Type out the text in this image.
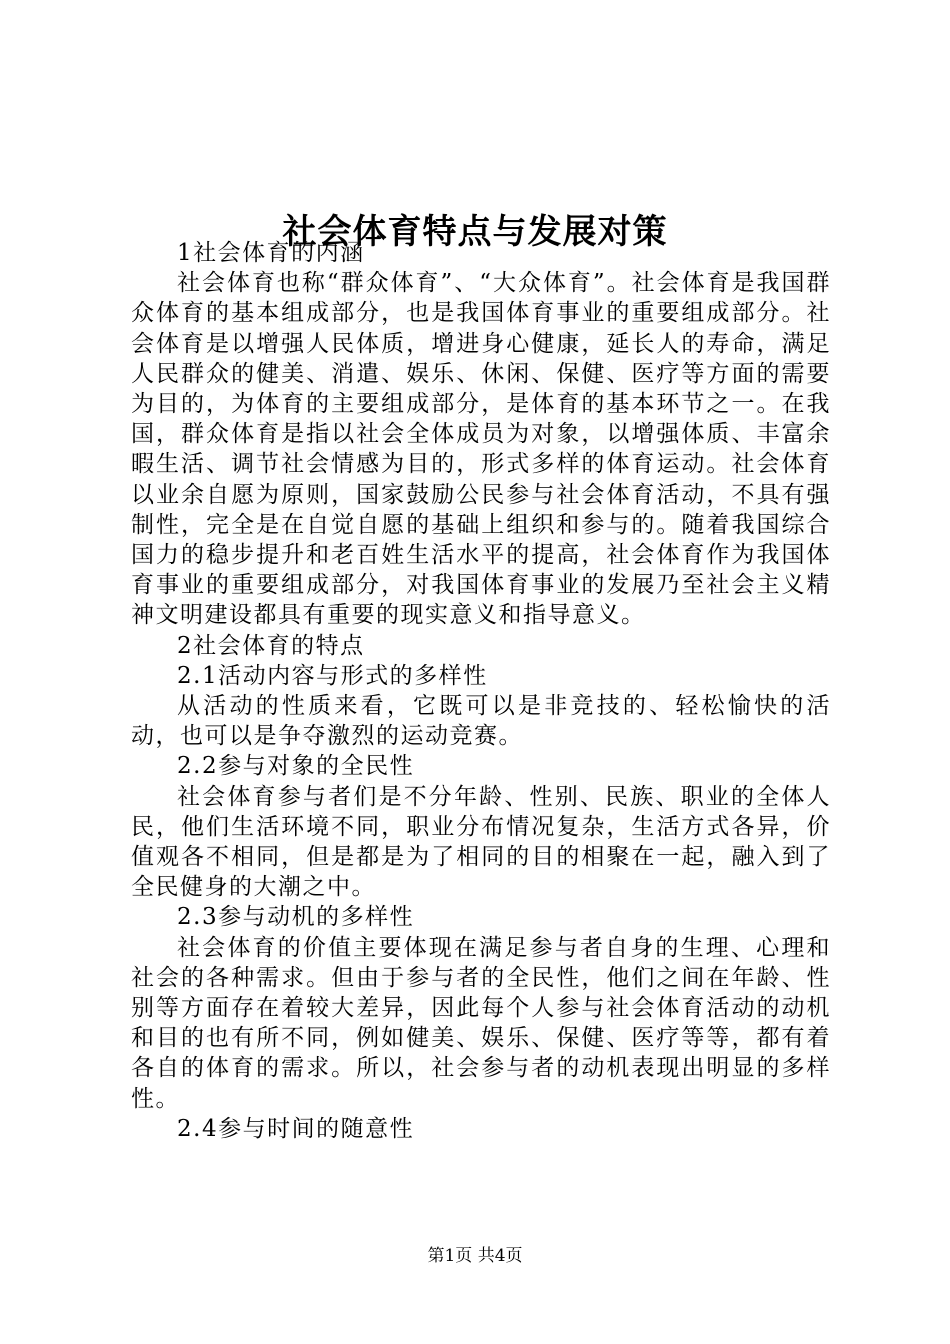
社会体育特点与发展对策

1社会体育的内涵

社会体育也称“群众体育”、“大众体育”。社会体育是我国群众体育的基本组成部分，也是我国体育事业的重要组成部分。社会体育是以增强人民体质，增进身心健康，延长人的寿命，满足人民群众的健美、消遣、娱乐、休闲、保健、医疗等方面的需要为目的，为体育的主要组成部分，是体育的基本环节之一。在我国，群众体育是指以社会全体成员为对象，以增强体质、丰富余暇生活、调节社会情感为目的，形式多样的体育运动。社会体育以业余自愿为原则，国家鼓励公民参与社会体育活动，不具有强制性，完全是在自觉自愿的基础上组织和参与的。随着我国综合国力的稳步提升和老百姓生活水平的提高，社会体育作为我国体育事业的重要组成部分，对我国体育事业的发展乃至社会主义精神文明建设都具有重要的现实意义和指导意义。

2社会体育的特点

2.1活动内容与形式的多样性

从活动的性质来看，它既可以是非竞技的、轻松愉快的活动，也可以是争夺激烈的运动竞赛。

2.2参与对象的全民性

社会体育参与者们是不分年龄、性别、民族、职业的全体人民，他们生活环境不同，职业分布情况复杂，生活方式各异，价值观各不相同，但是都是为了相同的目的相聚在一起，融入到了全民健身的大潮之中。

2.3参与动机的多样性

社会体育的价值主要体现在满足参与者自身的生理、心理和社会的各种需求。但由于参与者的全民性，他们之间在年龄、性别等方面存在着较大差异，因此每个人参与社会体育活动的动机和目的也有所不同，例如健美、娱乐、保健、医疗等等，都有着各自的体育的需求。所以，社会参与者的动机表现出明显的多样性。

2.4参与时间的随意性

第1页 共4页
